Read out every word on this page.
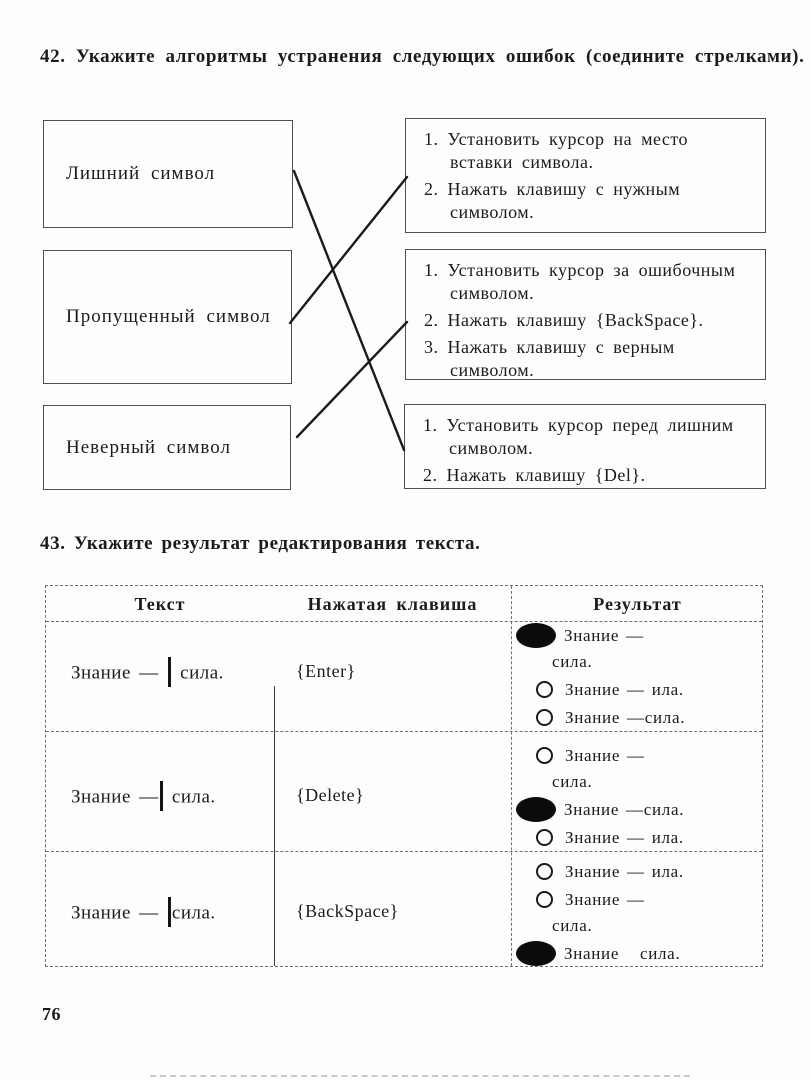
42. Укажите алгоритмы устранения следующих ошибок (соедините стрелками).
Лишний символ
Пропущенный символ
Неверный символ
1. Установить курсор на место вставки символа.
2. Нажать клавишу с нужным символом.
1. Установить курсор за ошибочным символом.
2. Нажать клавишу {BackSpace}.
3. Нажать клавишу с верным символом.
1. Установить курсор перед лишним символом.
2. Нажать клавишу {Del}.
43. Укажите результат редактирования текста.
Текст	Нажатая клавиша	Результат
Знание —  сила.	{Enter}
Знание —
сила.
Знание — ила.
Знание —сила.
Знание — сила.	{Delete}
Знание —
сила.
Знание —сила.
Знание — ила.
Знание — сила.	{BackSpace}
Знание — ила.
Знание —
сила.
Знание   сила.
76
